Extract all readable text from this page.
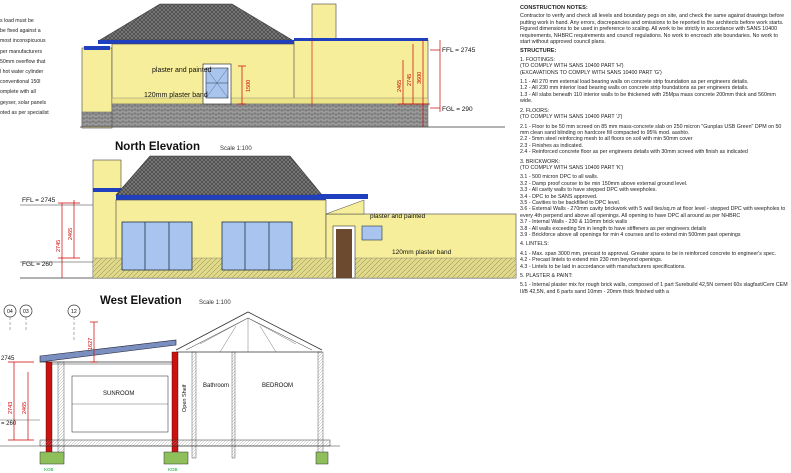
plaster and painted
120mm plaster band
FFL = 2745
FGL = 290
1500	2465 2745 3600
North Elevation	Scale 1:100
plaster and painted
120mm plaster band
FFL = 2745
FGL = 260
2745
2465
West Elevation	Scale 1:100
04 03	12
1627
2743 2465
2745
= 260
SUNROOM	Open Shelf	Bathroom	BEDROOM
KOB	KOB
s load must be
be fixed against a
most inconspicuous
per manufacturers
50mm overflow that
l hot water cylinder
conventional 150l
omplete with all
geyser, solar panels
oted as per specialist
CONSTRUCTION NOTES:

Contractor to verify and check all levels and boundary pegs on site, and check the same against drawings before putting work in hand. Any errors, discrepancies and omissions to be reported to the architects before work starts. Figured dimensions to be used in preference to scaling. All work to be strictly in accordance with SANS 10400 requirements, NHBRC requirements and council regulations. No work to encroach site boundaries. No work to start without approved council plans.

STRUCTURE:
1. FOOTINGS:
(TO COMPLY WITH SANS 10400 PART 'H')
(EXCAVATIONS TO COMPLY WITH SANS 10400 PART 'G')

1.1 - All 270 mm external load bearing walls on concrete strip foundation as per engineers details.
1.2 - All 230 mm interior load bearing walls on concrete strip foundations as per engineers details.
1.3 - All slabs beneath 110 interior walls to be thickened with 25Mpa mass concrete 200mm thick and 560mm wide.

2. FLOORS:
(TO COMPLY WITH SANS 10400 PART 'J')

2.1 - Floor to be 50 mm screed on 85 mm mass-concrete slab on 250 micron "Gunplas USB Green" DPM on 50 mm clean sand blinding on hardcore fill compacted to 95% mod. aashto.
2.2 - 5mm steel reinforcing mesh to all floors on soil with min 50mm cover
2.3 - Finishes as indicated.
2.4 - Reinforced concrete floor as per engineers details with 30mm screed with finish as indicated

3. BRICKWORK:
(TO COMPLY WITH SANS 10400 PART 'K')

3.1 - 500 micron DPC to all walls.
3.2 - Damp proof course to be min 150mm above external ground level.
3.3 - All cavity walls to have stepped DPC with weepholes.
3.4 - DPC to be SANS approved.
3.5 - Cavities to be backfilled to DPC level.
3.6 - External Walls - 270mm cavity brickwork with 5 wall ties/sq.m at floor level - stepped DPC with weepholes to every 4th perpend and above all openings. All opening to have DPC all around as per NHBRC
3.7 - Internal Walls - 230 & 110mm brick walls
3.8 - All walls exceeding 5m in length to have stiffeners as per engineers details
3.9 - Brickforce above all openings for min 4 courses and to extend min 500mm past openings

4. LINTELS:

4.1 - Max. span 3000 mm, precast to approval. Greater spans to be in reinforced concrete to engineer's spec.
4.2 - Precast lintels to extend min 230 mm beyond openings.
4.3 - Lintels to be laid in accordance with manufacturers specifications.

5. PLASTER & PAINT:

5.1 - Internal plaster mix for rough brick walls, composed of 1 part Surebuild 42,5N cement 60s slagfast/Cem CEM II/B 42,5N, and 6 parts sand 10mm - 20mm thick finished with a
